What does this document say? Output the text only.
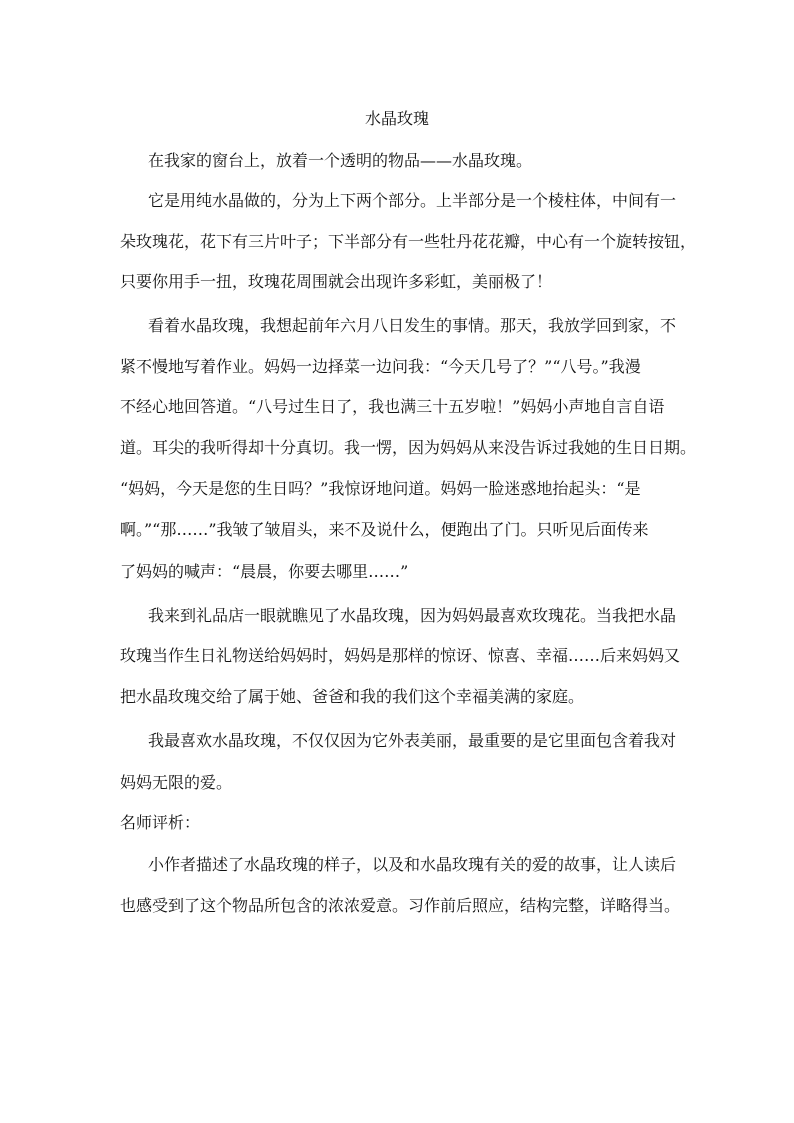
水晶玫瑰

在我家的窗台上，放着一个透明的物品——水晶玫瑰。

它是用纯水晶做的，分为上下两个部分。上半部分是一个棱柱体，中间有一

朵玫瑰花，花下有三片叶子；下半部分有一些牡丹花花瓣，中心有一个旋转按钮，

只要你用手一扭，玫瑰花周围就会出现许多彩虹，美丽极了！

看着水晶玫瑰，我想起前年六月八日发生的事情。那天，我放学回到家，不

紧不慢地写着作业。妈妈一边择菜一边问我：“今天几号了？”“八号。”我漫

不经心地回答道。“八号过生日了，我也满三十五岁啦！”妈妈小声地自言自语

道。耳尖的我听得却十分真切。我一愣，因为妈妈从来没告诉过我她的生日日期。

“妈妈，今天是您的生日吗？”我惊讶地问道。妈妈一脸迷惑地抬起头：“是

啊。”“那……”我皱了皱眉头，来不及说什么，便跑出了门。只听见后面传来

了妈妈的喊声：“晨晨，你要去哪里……”

我来到礼品店一眼就瞧见了水晶玫瑰，因为妈妈最喜欢玫瑰花。当我把水晶

玫瑰当作生日礼物送给妈妈时，妈妈是那样的惊讶、惊喜、幸福……后来妈妈又

把水晶玫瑰交给了属于她、爸爸和我的我们这个幸福美满的家庭。

我最喜欢水晶玫瑰，不仅仅因为它外表美丽，最重要的是它里面包含着我对

妈妈无限的爱。

名师评析：

小作者描述了水晶玫瑰的样子，以及和水晶玫瑰有关的爱的故事，让人读后

也感受到了这个物品所包含的浓浓爱意。习作前后照应，结构完整，详略得当。
